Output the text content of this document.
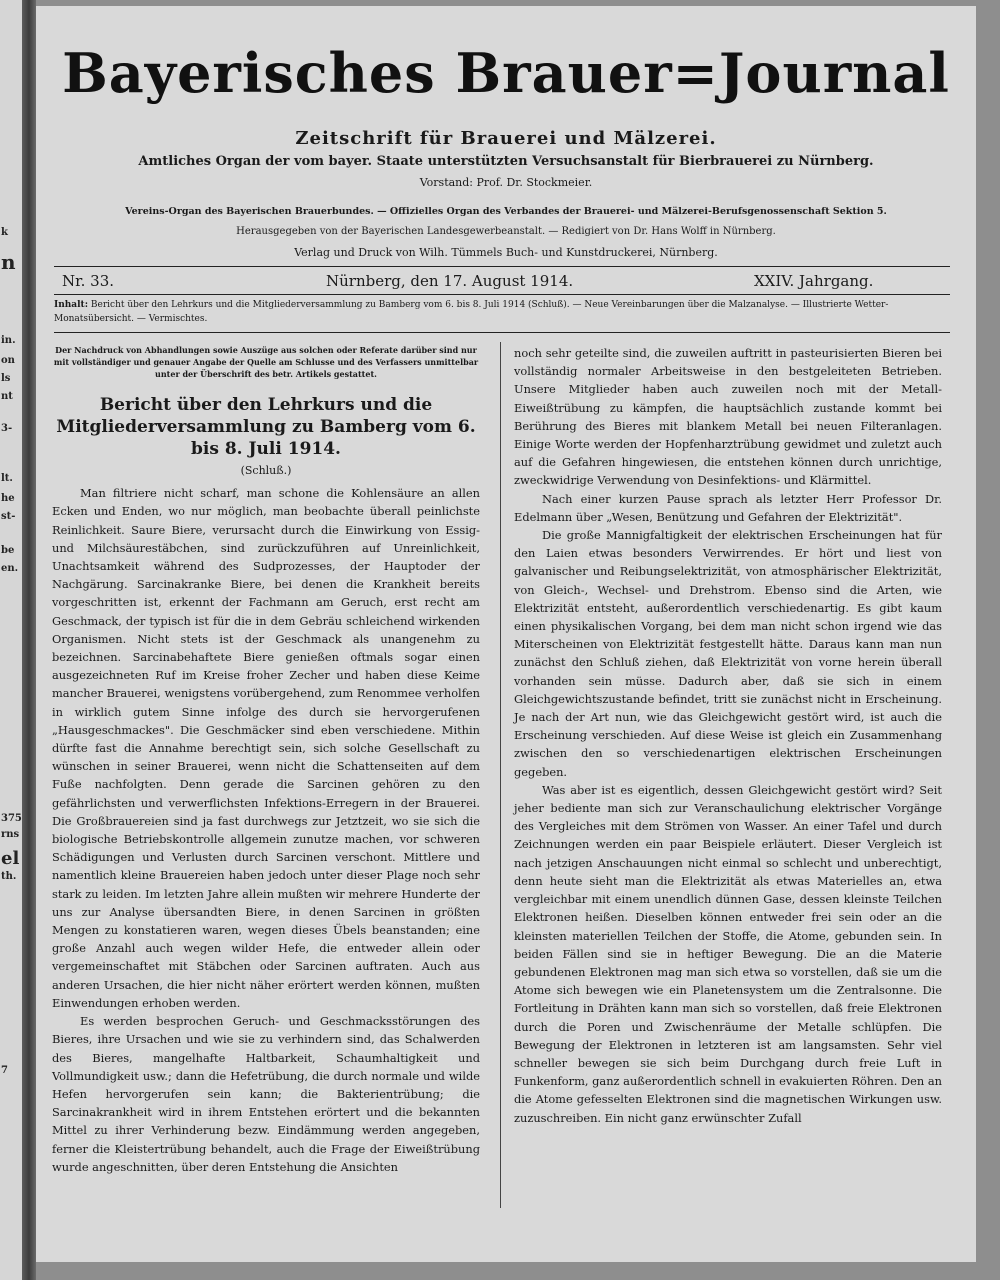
k
n
in.
on
ls
nt
3-
lt.
he
st-
be
en.
375
rns
el
th.
7
Bayerisches Brauer=Journal
Zeitschrift für Brauerei und Mälzerei.
Amtliches Organ der vom bayer. Staate unterstützten Versuchsanstalt für Bierbrauerei zu Nürnberg.
Vorstand: Prof. Dr. Stockmeier.
Vereins-Organ des Bayerischen Brauerbundes. — Offizielles Organ des Verbandes der Brauerei- und Mälzerei-Berufsgenossenschaft Sektion 5.
Herausgegeben von der Bayerischen Landesgewerbeanstalt. — Redigiert von Dr. Hans Wolff in Nürnberg.
Verlag und Druck von Wilh. Tümmels Buch- und Kunstdruckerei, Nürnberg.
Nr. 33.	Nürnberg, den 17. August 1914.	XXIV. Jahrgang.
Inhalt: Bericht über den Lehrkurs und die Mitgliederversammlung zu Bamberg vom 6. bis 8. Juli 1914 (Schluß). — Neue Vereinbarungen über die Malzanalyse. — Illustrierte Wetter-Monatsübersicht. — Vermischtes.
Der Nachdruck von Abhandlungen sowie Auszüge aus solchen oder Referate darüber sind nur mit vollständiger und genauer Angabe der Quelle am Schlusse und des Verfassers unmittelbar unter der Überschrift des betr. Artikels gestattet.
Bericht über den Lehrkurs und die Mitgliederversammlung zu Bamberg vom 6. bis 8. Juli 1914.
(Schluß.)

Man filtriere nicht scharf, man schone die Kohlensäure an allen Ecken und Enden, wo nur möglich, man beobachte überall peinlichste Reinlichkeit. Saure Biere, verursacht durch die Einwirkung von Essig- und Milchsäurestäbchen, sind zurückzuführen auf Unreinlichkeit, Unachtsamkeit während des Sudprozesses, der Hauptoder der Nachgärung. Sarcinakranke Biere, bei denen die Krankheit bereits vorgeschritten ist, erkennt der Fachmann am Geruch, erst recht am Geschmack, der typisch ist für die in dem Gebräu schleichend wirkenden Organismen. Nicht stets ist der Geschmack als unangenehm zu bezeichnen. Sarcinabehaftete Biere genießen oftmals sogar einen ausgezeichneten Ruf im Kreise froher Zecher und haben diese Keime mancher Brauerei, wenigstens vorübergehend, zum Renommee verholfen in wirklich gutem Sinne infolge des durch sie hervorgerufenen „Hausgeschmackes". Die Geschmäcker sind eben verschiedene. Mithin dürfte fast die Annahme berechtigt sein, sich solche Gesellschaft zu wünschen in seiner Brauerei, wenn nicht die Schattenseiten auf dem Fuße nachfolgten. Denn gerade die Sarcinen gehören zu den gefährlichsten und verwerflichsten Infektions-Erregern in der Brauerei. Die Großbrauereien sind ja fast durchwegs zur Jetztzeit, wo sie sich die biologische Betriebskontrolle allgemein zunutze machen, vor schweren Schädigungen und Verlusten durch Sarcinen verschont. Mittlere und namentlich kleine Brauereien haben jedoch unter dieser Plage noch sehr stark zu leiden. Im letzten Jahre allein mußten wir mehrere Hunderte der uns zur Analyse übersandten Biere, in denen Sarcinen in größten Mengen zu konstatieren waren, wegen dieses Übels beanstanden; eine große Anzahl auch wegen wilder Hefe, die entweder allein oder vergemeinschaftet mit Stäbchen oder Sarcinen auftraten. Auch aus anderen Ursachen, die hier nicht näher erörtert werden können, mußten Einwendungen erhoben werden.

Es werden besprochen Geruch- und Geschmacksstörungen des Bieres, ihre Ursachen und wie sie zu verhindern sind, das Schalwerden des Bieres, mangelhafte Haltbarkeit, Schaumhaltigkeit und Vollmundigkeit usw.; dann die Hefetrübung, die durch normale und wilde Hefen hervorgerufen sein kann; die Bakterientrübung; die Sarcinakrankheit wird in ihrem Entstehen erörtert und die bekannten Mittel zu ihrer Verhinderung bezw. Eindämmung werden angegeben, ferner die Kleistertrübung behandelt, auch die Frage der Eiweißtrübung wurde angeschnitten, über deren Entstehung die Ansichten

noch sehr geteilte sind, die zuweilen auftritt in pasteurisierten Bieren bei vollständig normaler Arbeitsweise in den bestgeleiteten Betrieben. Unsere Mitglieder haben auch zuweilen noch mit der Metall-Eiweißtrübung zu kämpfen, die hauptsächlich zustande kommt bei Berührung des Bieres mit blankem Metall bei neuen Filteranlagen. Einige Worte werden der Hopfenharztrübung gewidmet und zuletzt auch auf die Gefahren hingewiesen, die entstehen können durch unrichtige, zweckwidrige Verwendung von Desinfektions- und Klärmittel.

Nach einer kurzen Pause sprach als letzter Herr Professor Dr. Edelmann über „Wesen, Benützung und Gefahren der Elektrizität".

Die große Mannigfaltigkeit der elektrischen Erscheinungen hat für den Laien etwas besonders Verwirrendes. Er hört und liest von galvanischer und Reibungselektrizität, von atmosphärischer Elektrizität, von Gleich-, Wechsel- und Drehstrom. Ebenso sind die Arten, wie Elektrizität entsteht, außerordentlich verschiedenartig. Es gibt kaum einen physikalischen Vorgang, bei dem man nicht schon irgend wie das Miterscheinen von Elektrizität festgestellt hätte. Daraus kann man nun zunächst den Schluß ziehen, daß Elektrizität von vorne herein überall vorhanden sein müsse. Dadurch aber, daß sie sich in einem Gleichgewichtszustande befindet, tritt sie zunächst nicht in Erscheinung. Je nach der Art nun, wie das Gleichgewicht gestört wird, ist auch die Erscheinung verschieden. Auf diese Weise ist gleich ein Zusammenhang zwischen den so verschiedenartigen elektrischen Erscheinungen gegeben.

Was aber ist es eigentlich, dessen Gleichgewicht gestört wird? Seit jeher bediente man sich zur Veranschaulichung elektrischer Vorgänge des Vergleiches mit dem Strömen von Wasser. An einer Tafel und durch Zeichnungen werden ein paar Beispiele erläutert. Dieser Vergleich ist nach jetzigen Anschauungen nicht einmal so schlecht und unberechtigt, denn heute sieht man die Elektrizität als etwas Materielles an, etwa vergleichbar mit einem unendlich dünnen Gase, dessen kleinste Teilchen Elektronen heißen. Dieselben können entweder frei sein oder an die kleinsten materiellen Teilchen der Stoffe, die Atome, gebunden sein. In beiden Fällen sind sie in heftiger Bewegung. Die an die Materie gebundenen Elektronen mag man sich etwa so vorstellen, daß sie um die Atome sich bewegen wie ein Planetensystem um die Zentralsonne. Die Fortleitung in Drähten kann man sich so vorstellen, daß freie Elektronen durch die Poren und Zwischenräume der Metalle schlüpfen. Die Bewegung der Elektronen in letzteren ist am langsamsten. Sehr viel schneller bewegen sie sich beim Durchgang durch freie Luft in Funkenform, ganz außerordentlich schnell in evakuierten Röhren. Den an die Atome gefesselten Elektronen sind die magnetischen Wirkungen usw. zuzuschreiben. Ein nicht ganz erwünschter Zufall
